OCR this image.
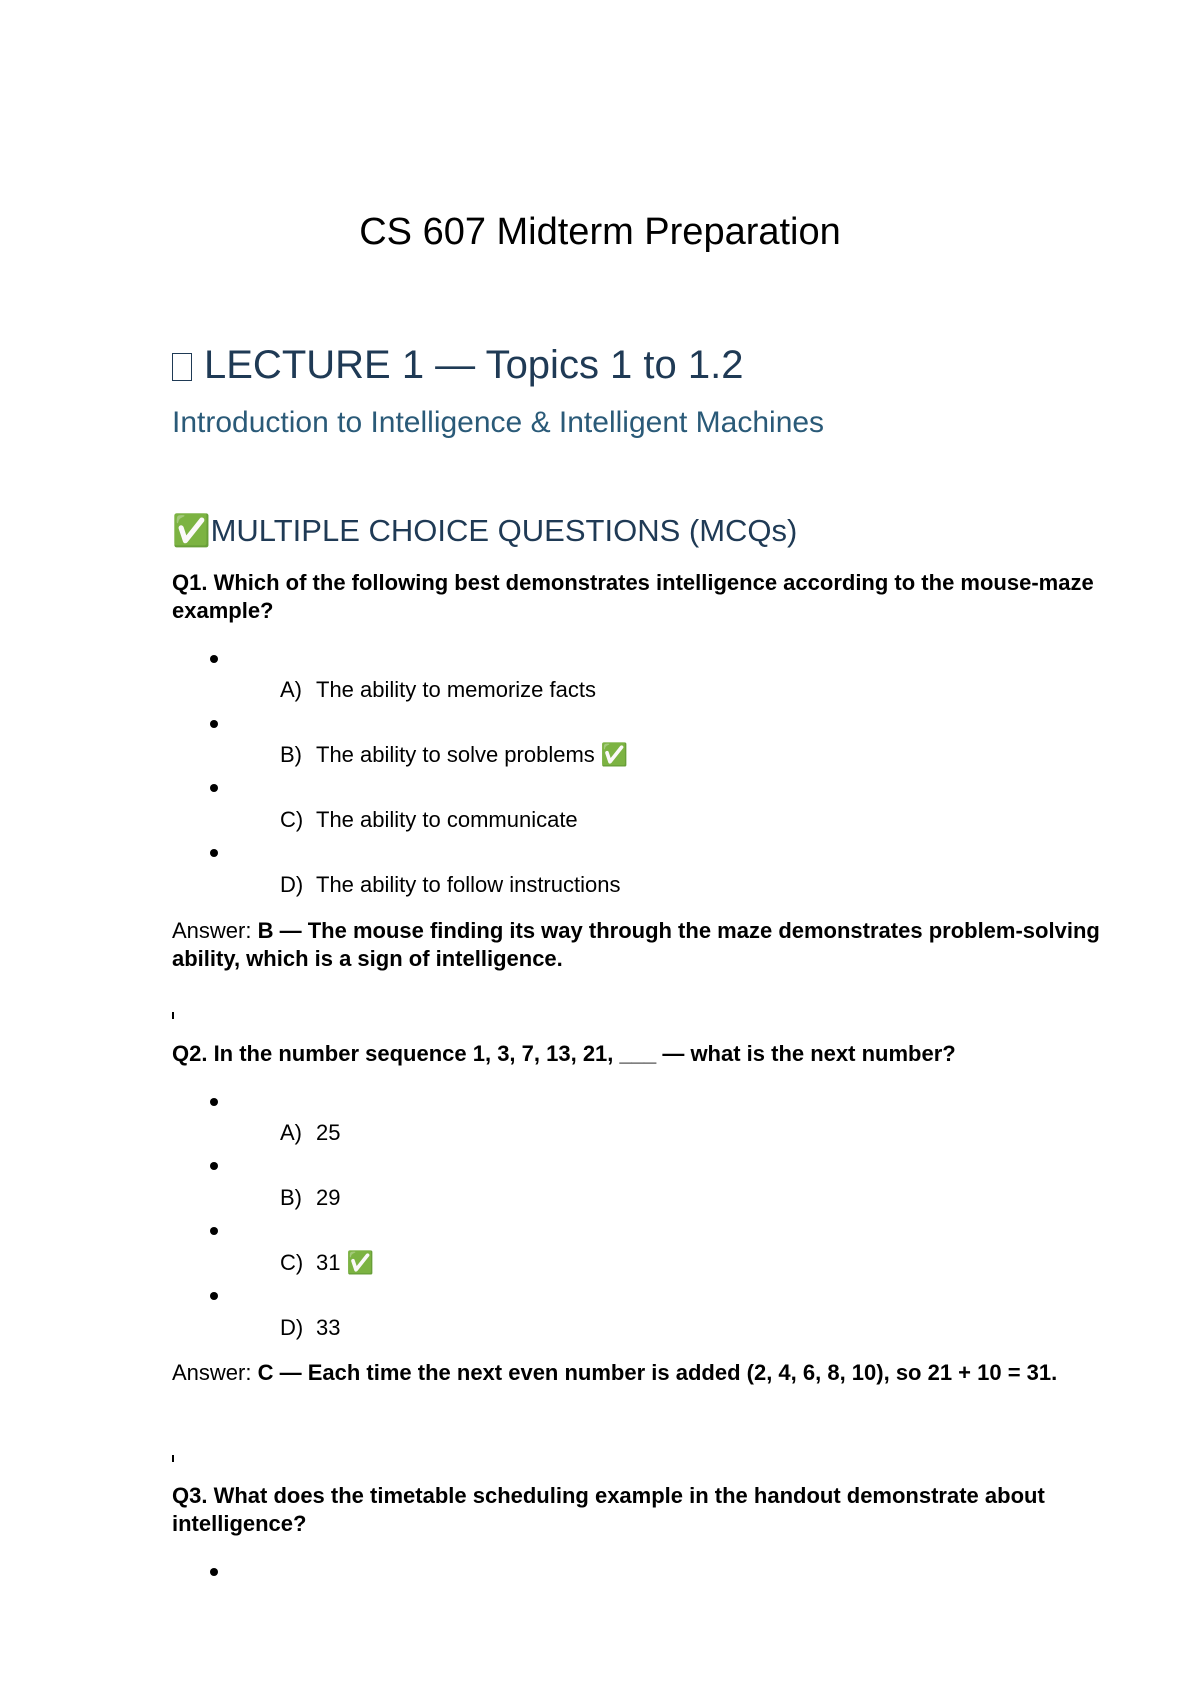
CS 607 Midterm Preparation
LECTURE 1 — Topics 1 to 1.2
Introduction to Intelligence & Intelligent Machines
✅MULTIPLE CHOICE QUESTIONS (MCQs)

Q1. Which of the following best demonstrates intelligence according to the mouse-maze example?

A) The ability to memorize facts
B) The ability to solve problems ✅
C) The ability to communicate
D) The ability to follow instructions

Answer: B — The mouse finding its way through the maze demonstrates problem-solving ability, which is a sign of intelligence.

Q2. In the number sequence 1, 3, 7, 13, 21, ___ — what is the next number?

A) 25
B) 29
C) 31 ✅
D) 33

Answer: C — Each time the next even number is added (2, 4, 6, 8, 10), so 21 + 10 = 31.

Q3. What does the timetable scheduling example in the handout demonstrate about intelligence?
